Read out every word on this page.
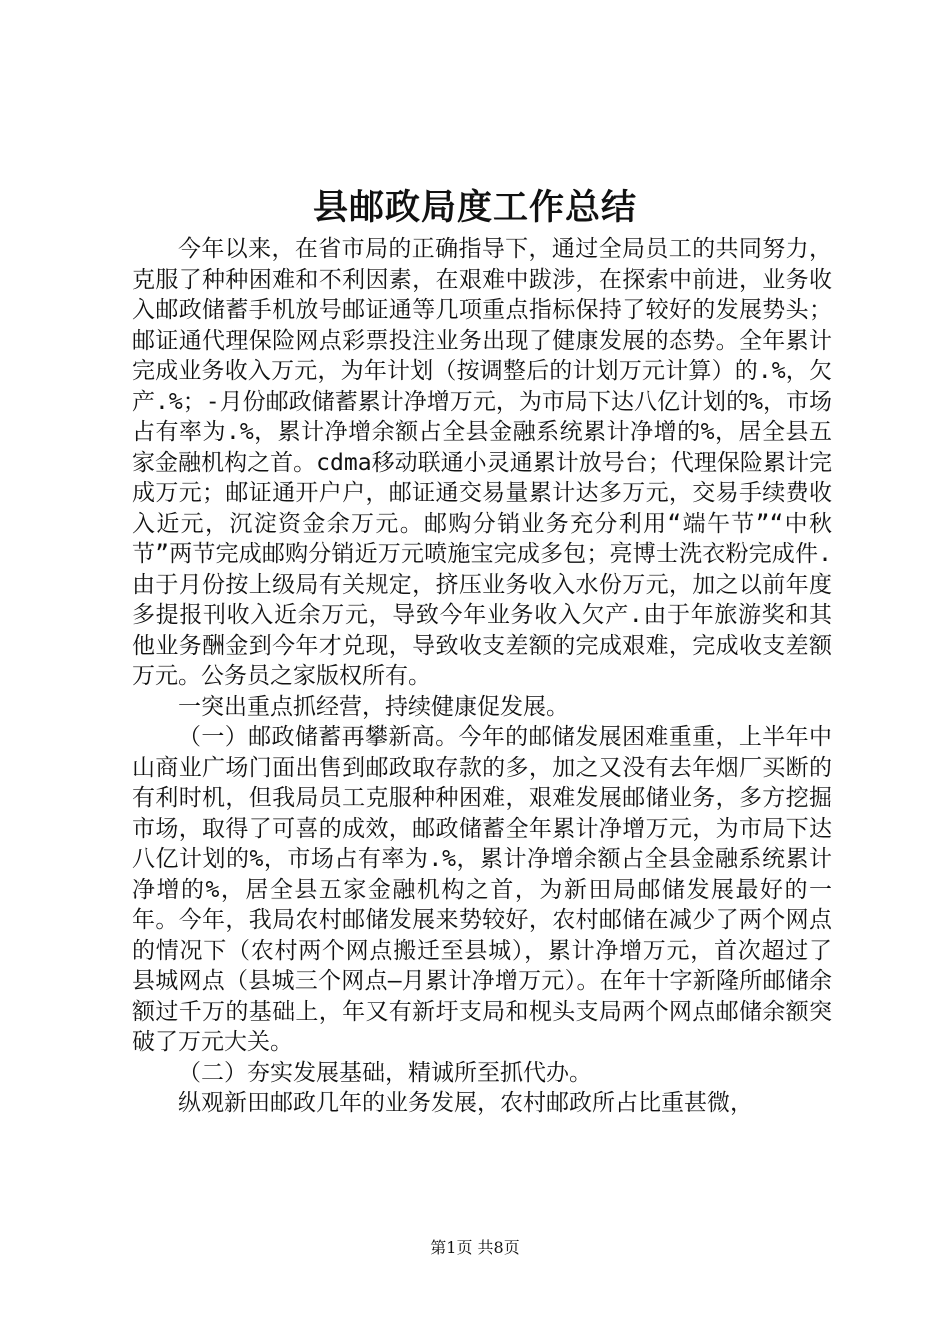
县邮政局度工作总结

今年以来，在省市局的正确指导下，通过全局员工的共同努力，克服了种种困难和不利因素，在艰难中跋涉，在探索中前进，业务收入邮政储蓄手机放号邮证通等几项重点指标保持了较好的发展势头；邮证通代理保险网点彩票投注业务出现了健康发展的态势。全年累计完成业务收入万元，为年计划（按调整后的计划万元计算）的.%，欠产.%；-月份邮政储蓄累计净增万元，为市局下达八亿计划的%，市场占有率为.%，累计净增余额占全县金融系统累计净增的%，居全县五家金融机构之首。cdma移动联通小灵通累计放号台；代理保险累计完成万元；邮证通开户户，邮证通交易量累计达多万元，交易手续费收入近元，沉淀资金余万元。邮购分销业务充分利用“端午节”“中秋节”两节完成邮购分销近万元喷施宝完成多包；亮博士洗衣粉完成件.由于月份按上级局有关规定，挤压业务收入水份万元，加之以前年度多提报刊收入近余万元，导致今年业务收入欠产.由于年旅游奖和其他业务酬金到今年才兑现，导致收支差额的完成艰难，完成收支差额万元。公务员之家版权所有。

一突出重点抓经营，持续健康促发展。

（一）邮政储蓄再攀新高。今年的邮储发展困难重重，上半年中山商业广场门面出售到邮政取存款的多，加之又没有去年烟厂买断的有利时机，但我局员工克服种种困难，艰难发展邮储业务，多方挖掘市场，取得了可喜的成效，邮政储蓄全年累计净增万元，为市局下达八亿计划的%，市场占有率为.%，累计净增余额占全县金融系统累计净增的%，居全县五家金融机构之首，为新田局邮储发展最好的一年。今年，我局农村邮储发展来势较好，农村邮储在减少了两个网点的情况下（农村两个网点搬迁至县城），累计净增万元，首次超过了县城网点（县城三个网点—月累计净增万元）。在年十字新隆所邮储余额过千万的基础上，年又有新圩支局和枧头支局两个网点邮储余额突破了万元大关。

（二）夯实发展基础，精诚所至抓代办。

纵观新田邮政几年的业务发展，农村邮政所占比重甚微，

第1页 共8页
